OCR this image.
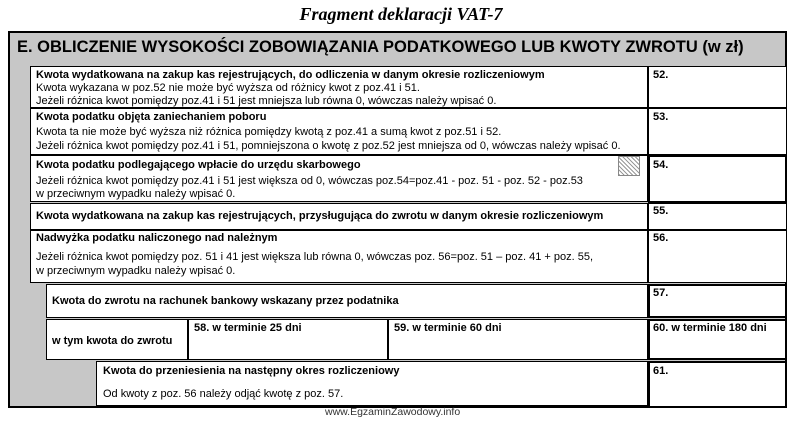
Fragment deklaracji VAT-7
E. OBLICZENIE WYSOKOŚCI ZOBOWIĄZANIA PODATKOWEGO LUB KWOTY ZWROTU (w zł)
Kwota wydatkowana na zakup kas rejestrujących, do odliczenia w danym okresie rozliczeniowym
Kwota wykazana w poz.52 nie może być wyższa od różnicy kwot z poz.41 i 51.
Jeżeli różnica kwot pomiędzy poz.41 i 51 jest mniejsza lub równa 0, wówczas należy wpisać 0.
52.
Kwota podatku objęta zaniechaniem poboru
Kwota ta nie może być wyższa niż różnica pomiędzy kwotą z poz.41 a sumą kwot z poz.51 i 52.
Jeżeli różnica kwot pomiędzy poz.41 i 51, pomniejszona o kwotę z poz.52 jest mniejsza od 0, wówczas należy wpisać 0.
53.
Kwota podatku podlegającego wpłacie do urzędu skarbowego
Jeżeli różnica kwot pomiędzy poz.41 i 51 jest większa od 0, wówczas poz.54=poz.41 - poz. 51 - poz. 52 - poz.53
w przeciwnym wypadku należy wpisać 0.
54.
Kwota wydatkowana na zakup kas rejestrujących, przysługująca do zwrotu w danym okresie rozliczeniowym	55.
Nadwyżka podatku naliczonego nad należnym
Jeżeli różnica kwot pomiędzy poz. 51 i 41 jest większa lub równa 0, wówczas poz. 56=poz. 51 – poz. 41 + poz. 55,
w przeciwnym wypadku należy wpisać 0.
56.
Kwota do zwrotu na rachunek bankowy wskazany przez podatnika
57.
w tym kwota do zwrotu
58. w terminie 25 dni	59. w terminie 60 dni	60. w terminie 180 dni
Kwota do przeniesienia na następny okres rozliczeniowy
Od kwoty z poz. 56 należy odjąć kwotę z poz. 57.
61.
www.EgzaminZawodowy.info
